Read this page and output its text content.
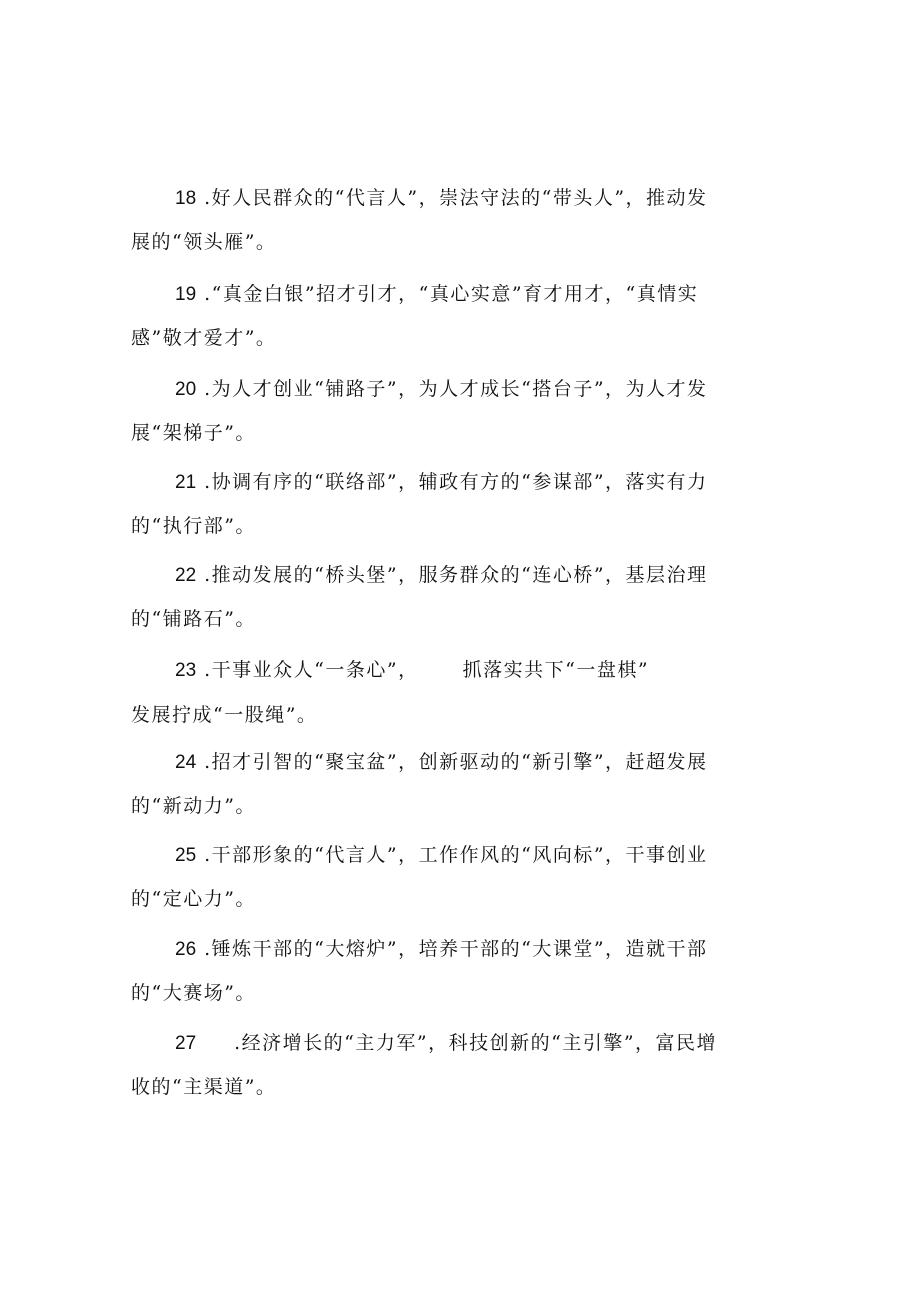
18 .好人民群众的“代言人”，崇法守法的“带头人”，推动发
展的“领头雁”。
19 .“真金白银”招才引才，“真心实意”育才用才，“真情实
感”敬才爱才”。
20 .为人才创业“铺路子”，为人才成长“搭台子”，为人才发
展“架梯子”。
21 .协调有序的“联络部”，辅政有方的“参谋部”，落实有力
的“执行部”。
22 .推动发展的“桥头堡”，服务群众的“连心桥”，基层治理
的“铺路石”。
23 .干事业众人“一条心”， 抓落实共下“一盘棋”
发展拧成“一股绳”。
24 .招才引智的“聚宝盆”，创新驱动的“新引擎”，赶超发展
的“新动力”。
25 .干部形象的“代言人”，工作作风的“风向标”，干事创业
的“定心力”。
26 .锤炼干部的“大熔炉”，培养干部的“大课堂”，造就干部
的“大赛场”。
27 .经济增长的“主力军”，科技创新的“主引擎”，富民增
收的“主渠道”。
